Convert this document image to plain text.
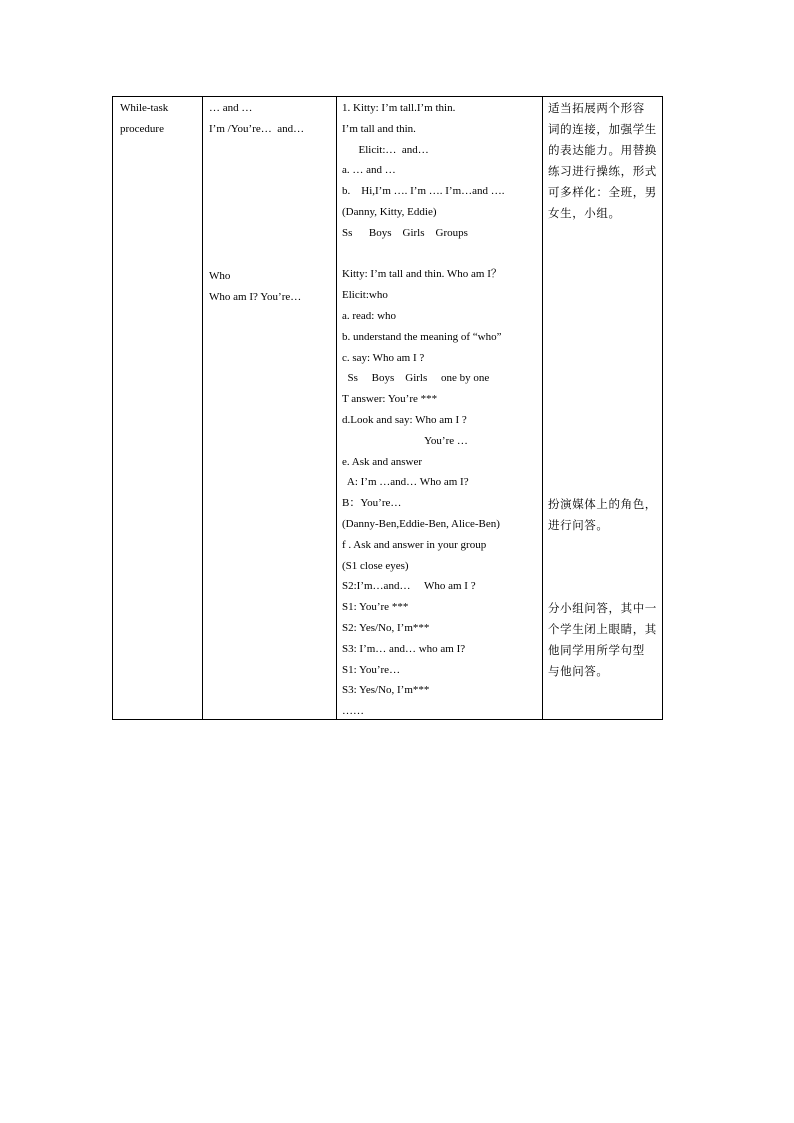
While-task
procedure
… and …
I’m /You’re…  and…
Who
Who am I? You’re…
1. Kitty: I’m tall.I’m thin.
I’m tall and thin.
Elicit:…  and…
a. … and …
b.    Hi,I’m …. I’m …. I’m…and ….
(Danny, Kitty, Eddie)
Ss      Boys    Girls    Groups
Kitty: I’m tall and thin. Who am I？
Elicit:who
a. read: who
b. understand the meaning of “who”
c. say: Who am I ?
Ss     Boys    Girls     one by one
T answer: You’re ***
d.Look and say: Who am I ?
You’re …
e. Ask and answer
A: I’m …and… Who am I?
B：You’re…
(Danny-Ben,Eddie-Ben, Alice-Ben)
f . Ask and answer in your group
(S1 close eyes)
S2:I’m…and…     Who am I ?
S1: You’re ***
S2: Yes/No, I’m***
S3: I’m… and… who am I?
S1: You’re…
S3: Yes/No, I’m***
……
适当拓展两个形容
词的连接，加强学生
的表达能力。用替换
练习进行操练，形式
可多样化：全班，男
女生，小组。
扮演媒体上的角色，
进行问答。
分小组问答，其中一
个学生闭上眼睛，其
他同学用所学句型
与他问答。
